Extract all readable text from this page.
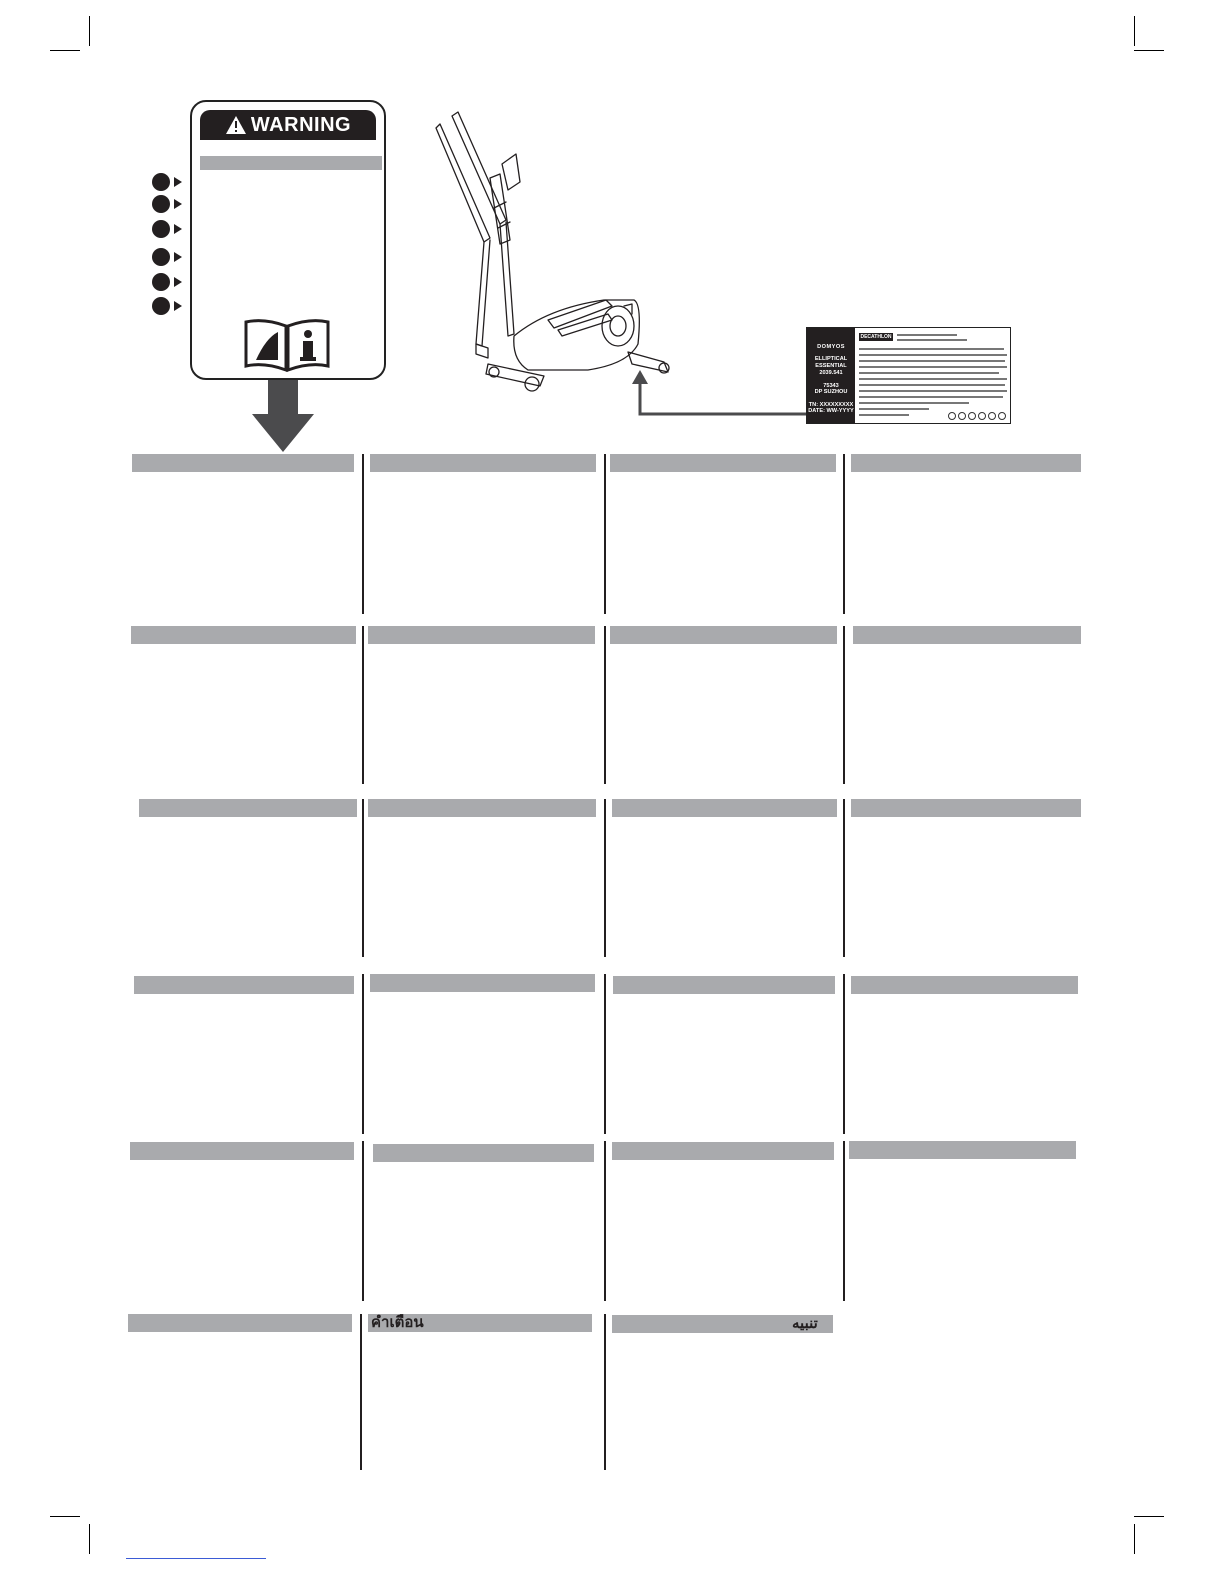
WARNING
DOMYOS
ELLIPTICAL
ESSENTIAL
2039.541
75343
DP SUZHOU
TN: XXXXXXXXX
DATE: WW-YYYY
DECATHLON
คำเตือน	تنبيه
